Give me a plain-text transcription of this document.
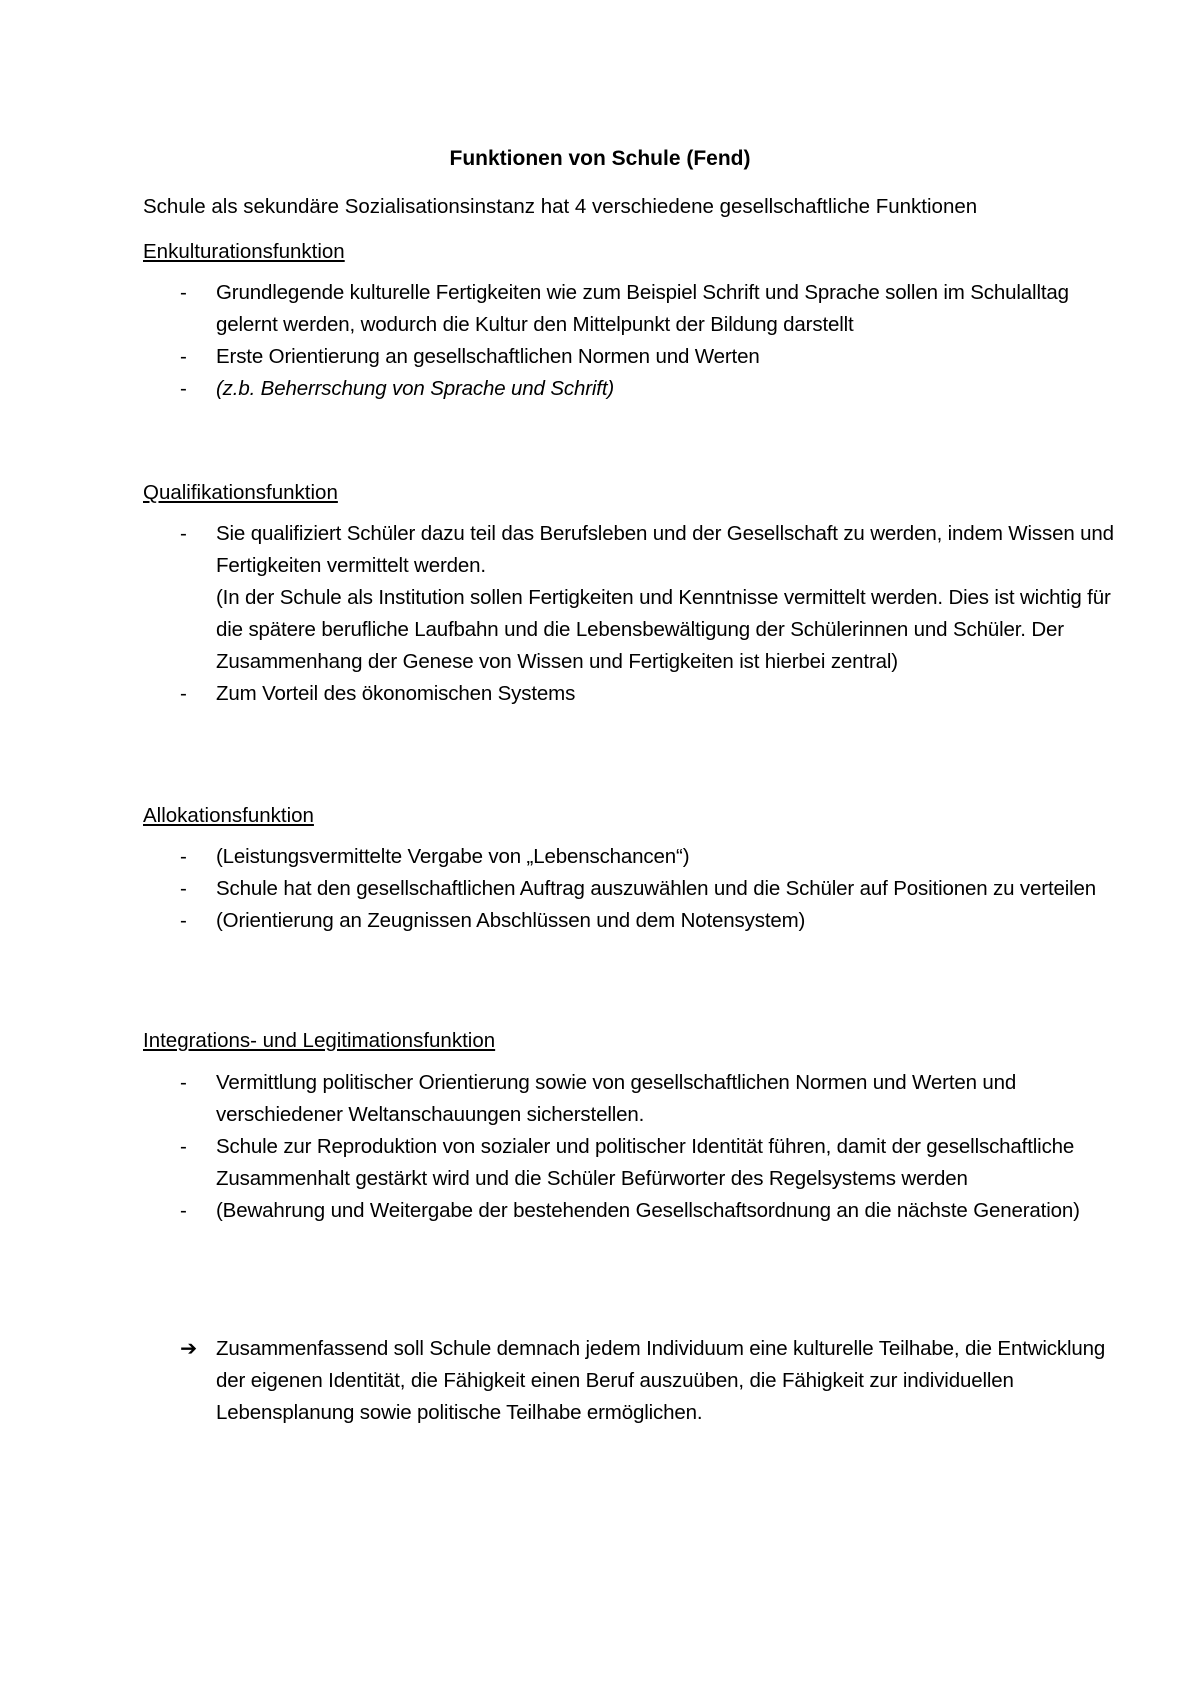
Funktionen von Schule (Fend)
Schule als sekundäre Sozialisationsinstanz hat 4 verschiedene gesellschaftliche Funktionen
Enkulturationsfunktion
- Grundlegende kulturelle Fertigkeiten wie zum Beispiel Schrift und Sprache sollen im Schulalltag gelernt werden, wodurch die Kultur den Mittelpunkt der Bildung darstellt
- Erste Orientierung an gesellschaftlichen Normen und Werten
- (z.b. Beherrschung von Sprache und Schrift)
Qualifikationsfunktion
- Sie qualifiziert Schüler dazu teil das Berufsleben und der Gesellschaft zu werden, indem Wissen und Fertigkeiten vermittelt werden.
(In der Schule als Institution sollen Fertigkeiten und Kenntnisse vermittelt werden. Dies ist wichtig für die spätere berufliche Laufbahn und die Lebensbewältigung der Schülerinnen und Schüler. Der Zusammenhang der Genese von Wissen und Fertigkeiten ist hierbei zentral)
- Zum Vorteil des ökonomischen Systems
Allokationsfunktion
- (Leistungsvermittelte Vergabe von „Lebenschancen“)
- Schule hat den gesellschaftlichen Auftrag auszuwählen und die Schüler auf Positionen zu verteilen
- (Orientierung an Zeugnissen Abschlüssen und dem Notensystem)
Integrations- und Legitimationsfunktion
- Vermittlung politischer Orientierung sowie von gesellschaftlichen Normen und Werten und verschiedener Weltanschauungen sicherstellen.
- Schule zur Reproduktion von sozialer und politischer Identität führen, damit der gesellschaftliche Zusammenhalt gestärkt wird und die Schüler Befürworter des Regelsystems werden
- (Bewahrung und Weitergabe der bestehenden Gesellschaftsordnung an die nächste Generation)
➔ Zusammenfassend soll Schule demnach jedem Individuum eine kulturelle Teilhabe, die Entwicklung der eigenen Identität, die Fähigkeit einen Beruf auszuüben, die Fähigkeit zur individuellen Lebensplanung sowie politische Teilhabe ermöglichen.
